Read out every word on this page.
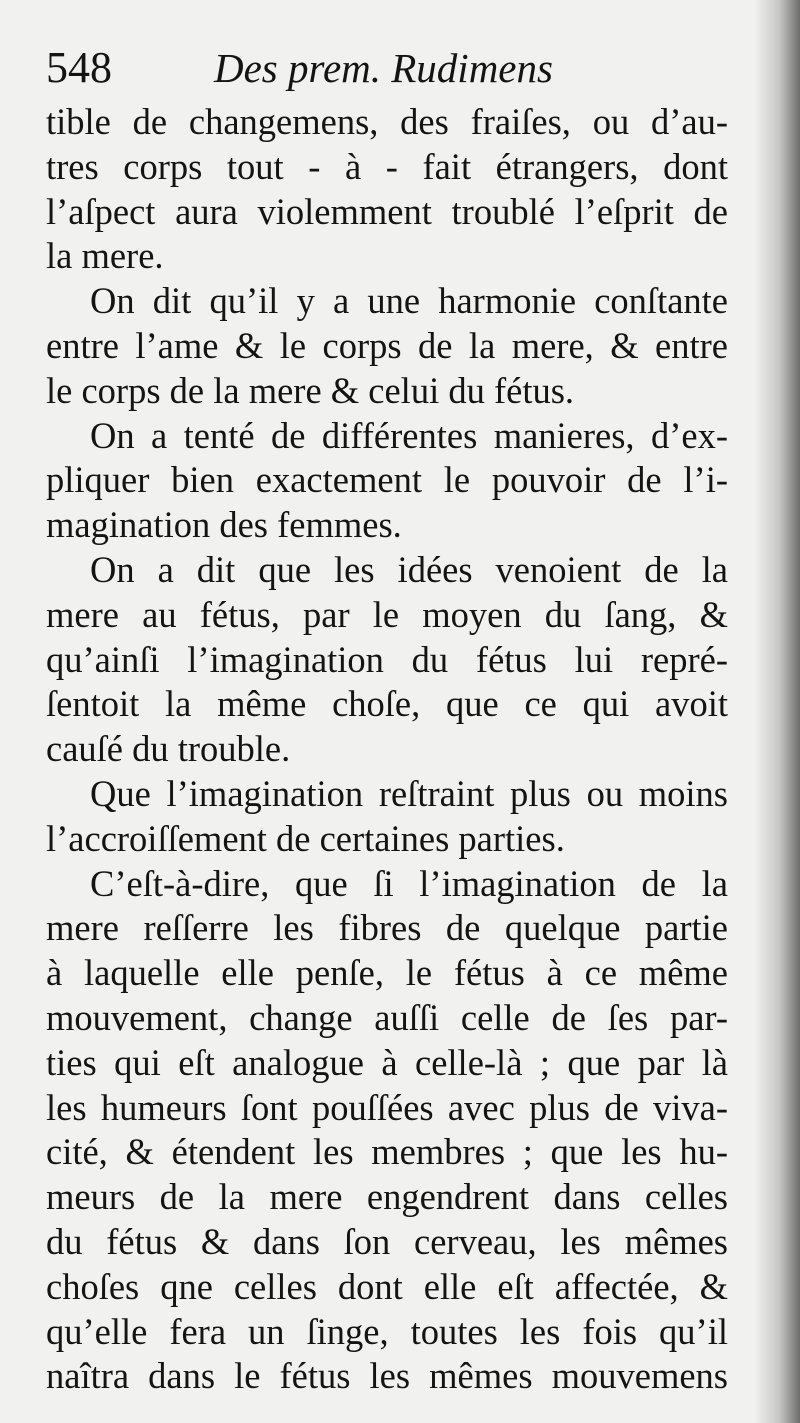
548 Des prem. Rudimens
tible de changemens, des fraiſes, ou d’au-
tres corps tout - à - fait étrangers, dont
l’aſpect aura violemment troublé l’eſprit de
la mere.
On dit qu’il y a une harmonie conſtante
entre l’ame & le corps de la mere, & entre
le corps de la mere & celui du fétus.
On a tenté de différentes manieres, d’ex-
pliquer bien exactement le pouvoir de l’i-
magination des femmes.
On a dit que les idées venoient de la
mere au fétus, par le moyen du ſang, &
qu’ainſi l’imagination du fétus lui repré-
ſentoit la même choſe, que ce qui avoit
cauſé du trouble.
Que l’imagination reſtraint plus ou moins
l’accroiſſement de certaines parties.
C’eſt-à-dire, que ſi l’imagination de la
mere reſſerre les fibres de quelque partie
à laquelle elle penſe, le fétus à ce même
mouvement, change auſſi celle de ſes par-
ties qui eſt analogue à celle-là ; que par là
les humeurs ſont pouſſées avec plus de viva-
cité, & étendent les membres ; que les hu-
meurs de la mere engendrent dans celles
du fétus & dans ſon cerveau, les mêmes
choſes qne celles dont elle eſt affectée, &
qu’elle fera un ſinge, toutes les fois qu’il
naîtra dans le fétus les mêmes mouvemens
